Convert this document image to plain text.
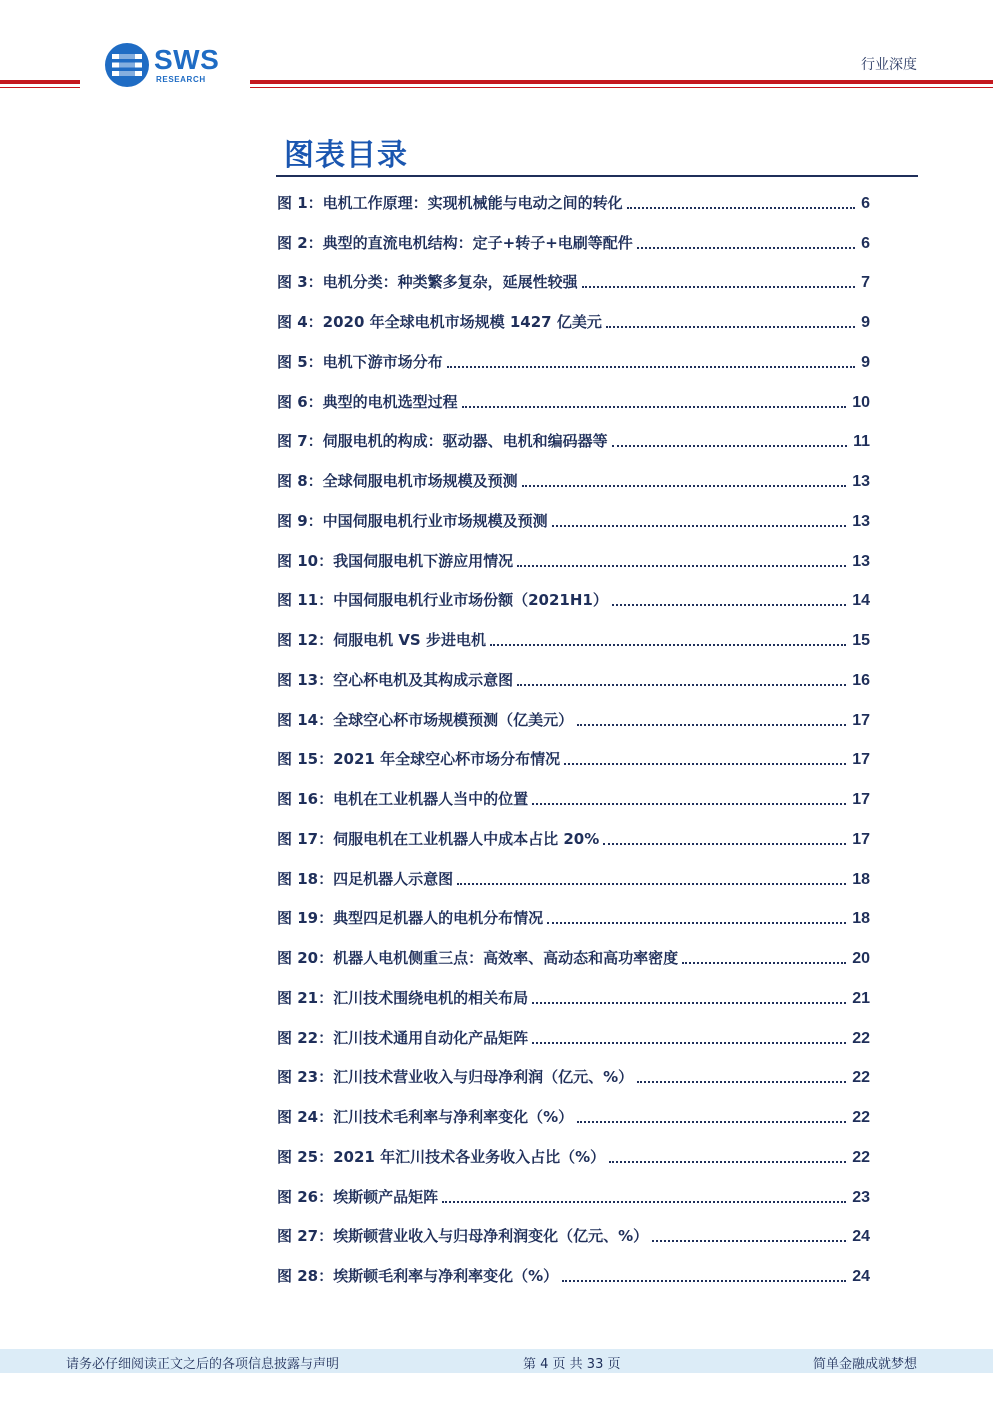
SWS
RESEARCH
行业深度
图表目录
图 1：电机工作原理：实现机械能与电动之间的转化	6
图 2：典型的直流电机结构：定子+转子+电刷等配件	6
图 3：电机分类：种类繁多复杂，延展性较强	7
图 4：2020 年全球电机市场规模 1427 亿美元	9
图 5：电机下游市场分布	9
图 6：典型的电机选型过程	10
图 7：伺服电机的构成：驱动器、电机和编码器等	11
图 8：全球伺服电机市场规模及预测	13
图 9：中国伺服电机行业市场规模及预测	13
图 10：我国伺服电机下游应用情况	13
图 11：中国伺服电机行业市场份额（2021H1）	14
图 12：伺服电机 VS 步进电机	15
图 13：空心杯电机及其构成示意图	16
图 14：全球空心杯市场规模预测（亿美元）	17
图 15：2021 年全球空心杯市场分布情况	17
图 16：电机在工业机器人当中的位置	17
图 17：伺服电机在工业机器人中成本占比 20%	17
图 18：四足机器人示意图	18
图 19：典型四足机器人的电机分布情况	18
图 20：机器人电机侧重三点：高效率、高动态和高功率密度	20
图 21：汇川技术围绕电机的相关布局	21
图 22：汇川技术通用自动化产品矩阵	22
图 23：汇川技术营业收入与归母净利润（亿元、%）	22
图 24：汇川技术毛利率与净利率变化（%）	22
图 25：2021 年汇川技术各业务收入占比（%）	22
图 26：埃斯顿产品矩阵	23
图 27：埃斯顿营业收入与归母净利润变化（亿元、%）	24
图 28：埃斯顿毛利率与净利率变化（%）	24
请务必仔细阅读正文之后的各项信息披露与声明	第 4 页 共 33 页	简单金融成就梦想
